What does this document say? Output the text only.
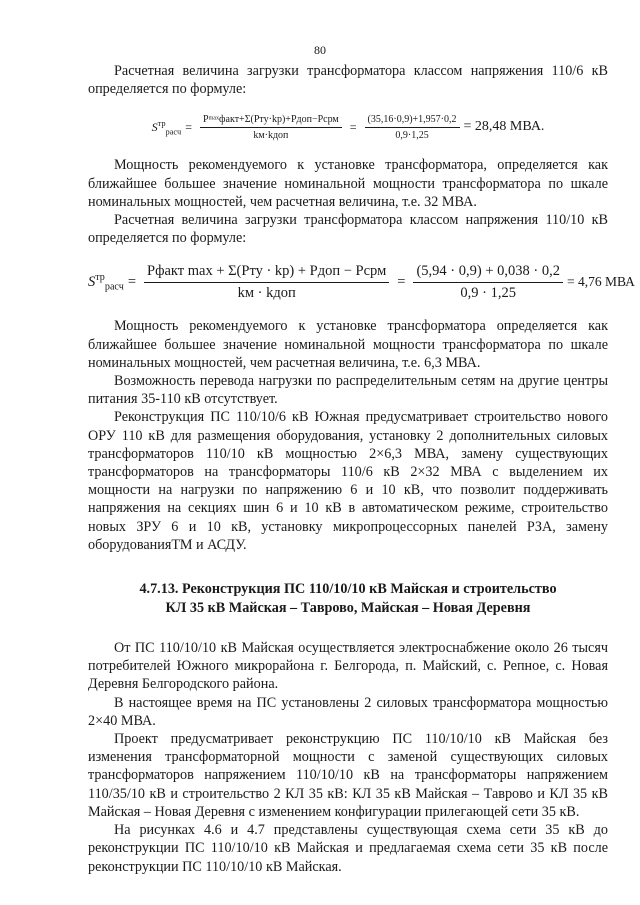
80

Расчетная величина загрузки трансформатора классом напряжения 110/6 кВ определяется по формуле:

$S^{тр}_{расч} = \frac{\text{Pᵐᵃˣфакт+Σ(Pту·kp)+Pдоп−Pсрм}}{\text{kм·kдоп}} = \frac{(35,16\cdot 0,9)+1,957\cdot 0,2}{0,9\cdot 1,25} = 28,48$ МВА.

Мощность рекомендуемого к установке трансформатора, определяется как ближайшее большее значение номинальной мощности трансформатора по шкале номинальных мощностей, чем расчетная величина, т.е. 32 МВА.

Расчетная величина загрузки трансформатора классом напряжения 110/10 кВ определяется по формуле:

$S^{тр}_{расч} = \frac{\text{Pфакт max + Σ(Pту · kр) + Pдоп − Pсрм}}{\text{kм · kдоп}} = \frac{(5,94 \cdot 0,9) + 0,038 \cdot 0,2}{0,9 \cdot 1,25} = 4,76$ МВА

Мощность рекомендуемого к установке трансформатора определяется как ближайшее большее значение номинальной мощности трансформатора по шкале номинальных мощностей, чем расчетная величина, т.е. 6,3 МВА.

Возможность перевода нагрузки по распределительным сетям на другие центры питания 35-110 кВ отсутствует.

Реконструкция ПС 110/10/6 кВ Южная предусматривает строительство нового ОРУ 110 кВ для размещения оборудования, установку 2 дополнительных силовых трансформаторов 110/10 кВ мощностью 2×6,3 МВА, замену существующих трансформаторов на трансформаторы 110/6 кВ 2×32 МВА с выделением их мощности на нагрузки по напряжению 6 и 10 кВ, что позволит поддерживать напряжения на секциях шин 6 и 10 кВ в автоматическом режиме, строительство новых ЗРУ 6 и 10 кВ, установку микропроцессорных панелей РЗА, замену оборудованияТМ и АСДУ.

4.7.13. Реконструкция ПС 110/10/10 кВ Майская и строительство
КЛ 35 кВ Майская – Таврово, Майская – Новая Деревня

От ПС 110/10/10 кВ Майская осуществляется электроснабжение около 26 тысяч потребителей Южного микрорайона г. Белгорода, п. Майский, с. Репное, с. Новая Деревня Белгородского района.

В настоящее время на ПС установлены 2 силовых трансформатора мощностью 2×40 МВА.

Проект предусматривает реконструкцию ПС 110/10/10 кВ Майская без изменения трансформаторной мощности с заменой существующих силовых трансформаторов напряжением 110/10/10 кВ на трансформаторы напряжением 110/35/10 кВ и строительство 2 КЛ 35 кВ: КЛ 35 кВ Майская – Таврово и КЛ 35 кВ Майская – Новая Деревня с изменением конфигурации прилегающей сети 35 кВ.

На рисунках 4.6 и 4.7 представлены существующая схема сети 35 кВ до реконструкции ПС 110/10/10 кВ Майская и предлагаемая схема сети 35 кВ после реконструкции ПС 110/10/10 кВ Майская.
